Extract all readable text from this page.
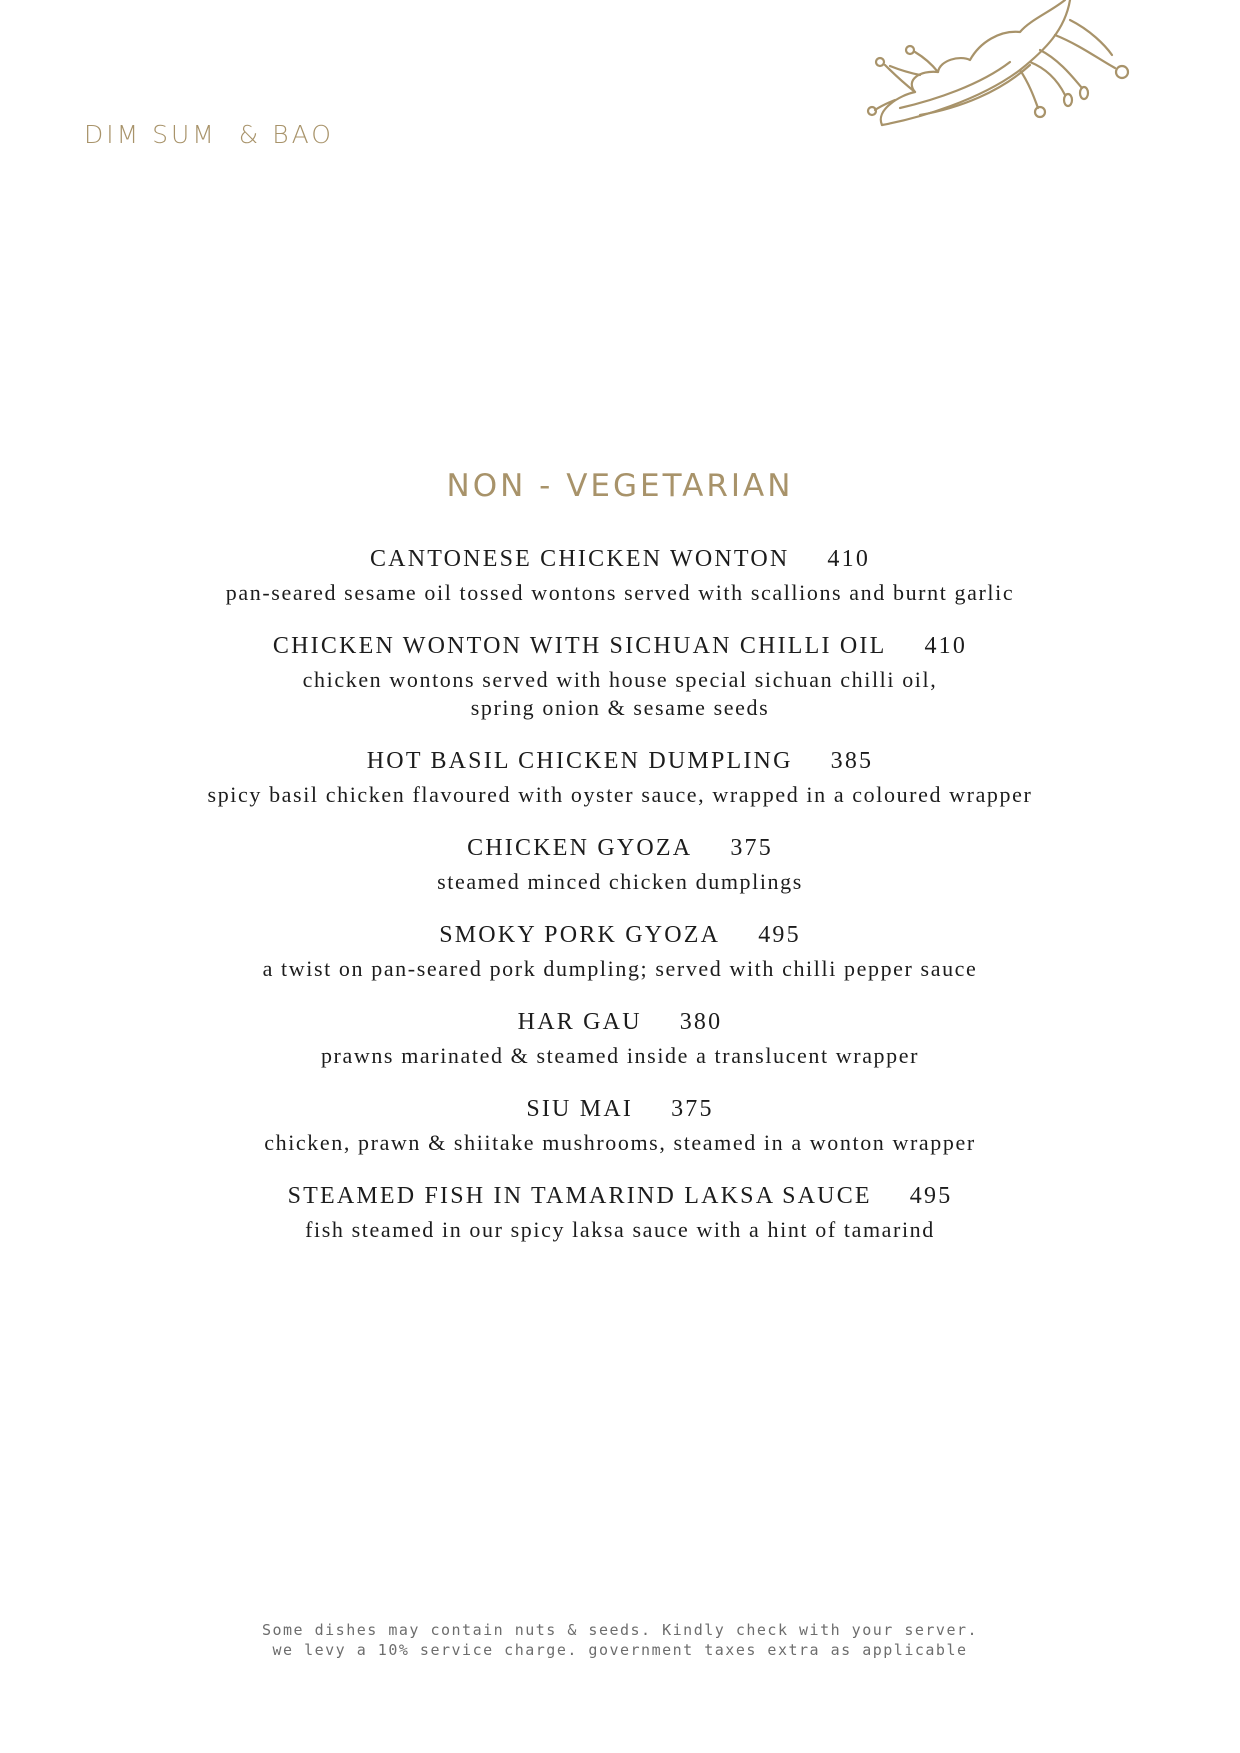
DIM SUM  & BAO
NON - VEGETARIAN
CANTONESE CHICKEN WONTON 410
pan-seared sesame oil tossed wontons served with scallions and burnt garlic
CHICKEN WONTON WITH SICHUAN CHILLI OIL 410
chicken wontons served with house special sichuan chilli oil,
spring onion & sesame seeds
HOT BASIL CHICKEN DUMPLING 385
spicy basil chicken flavoured with oyster sauce, wrapped in a coloured wrapper
CHICKEN GYOZA 375
steamed minced chicken dumplings
SMOKY PORK GYOZA 495
a twist on pan-seared pork dumpling; served with chilli pepper sauce
HAR GAU 380
prawns marinated & steamed inside a translucent wrapper
SIU MAI 375
chicken, prawn & shiitake mushrooms, steamed in a wonton wrapper
STEAMED FISH IN TAMARIND LAKSA SAUCE 495
fish steamed in our spicy laksa sauce with a hint of tamarind
Some dishes may contain nuts & seeds. Kindly check with your server.
we levy a 10% service charge. government taxes extra as applicable
